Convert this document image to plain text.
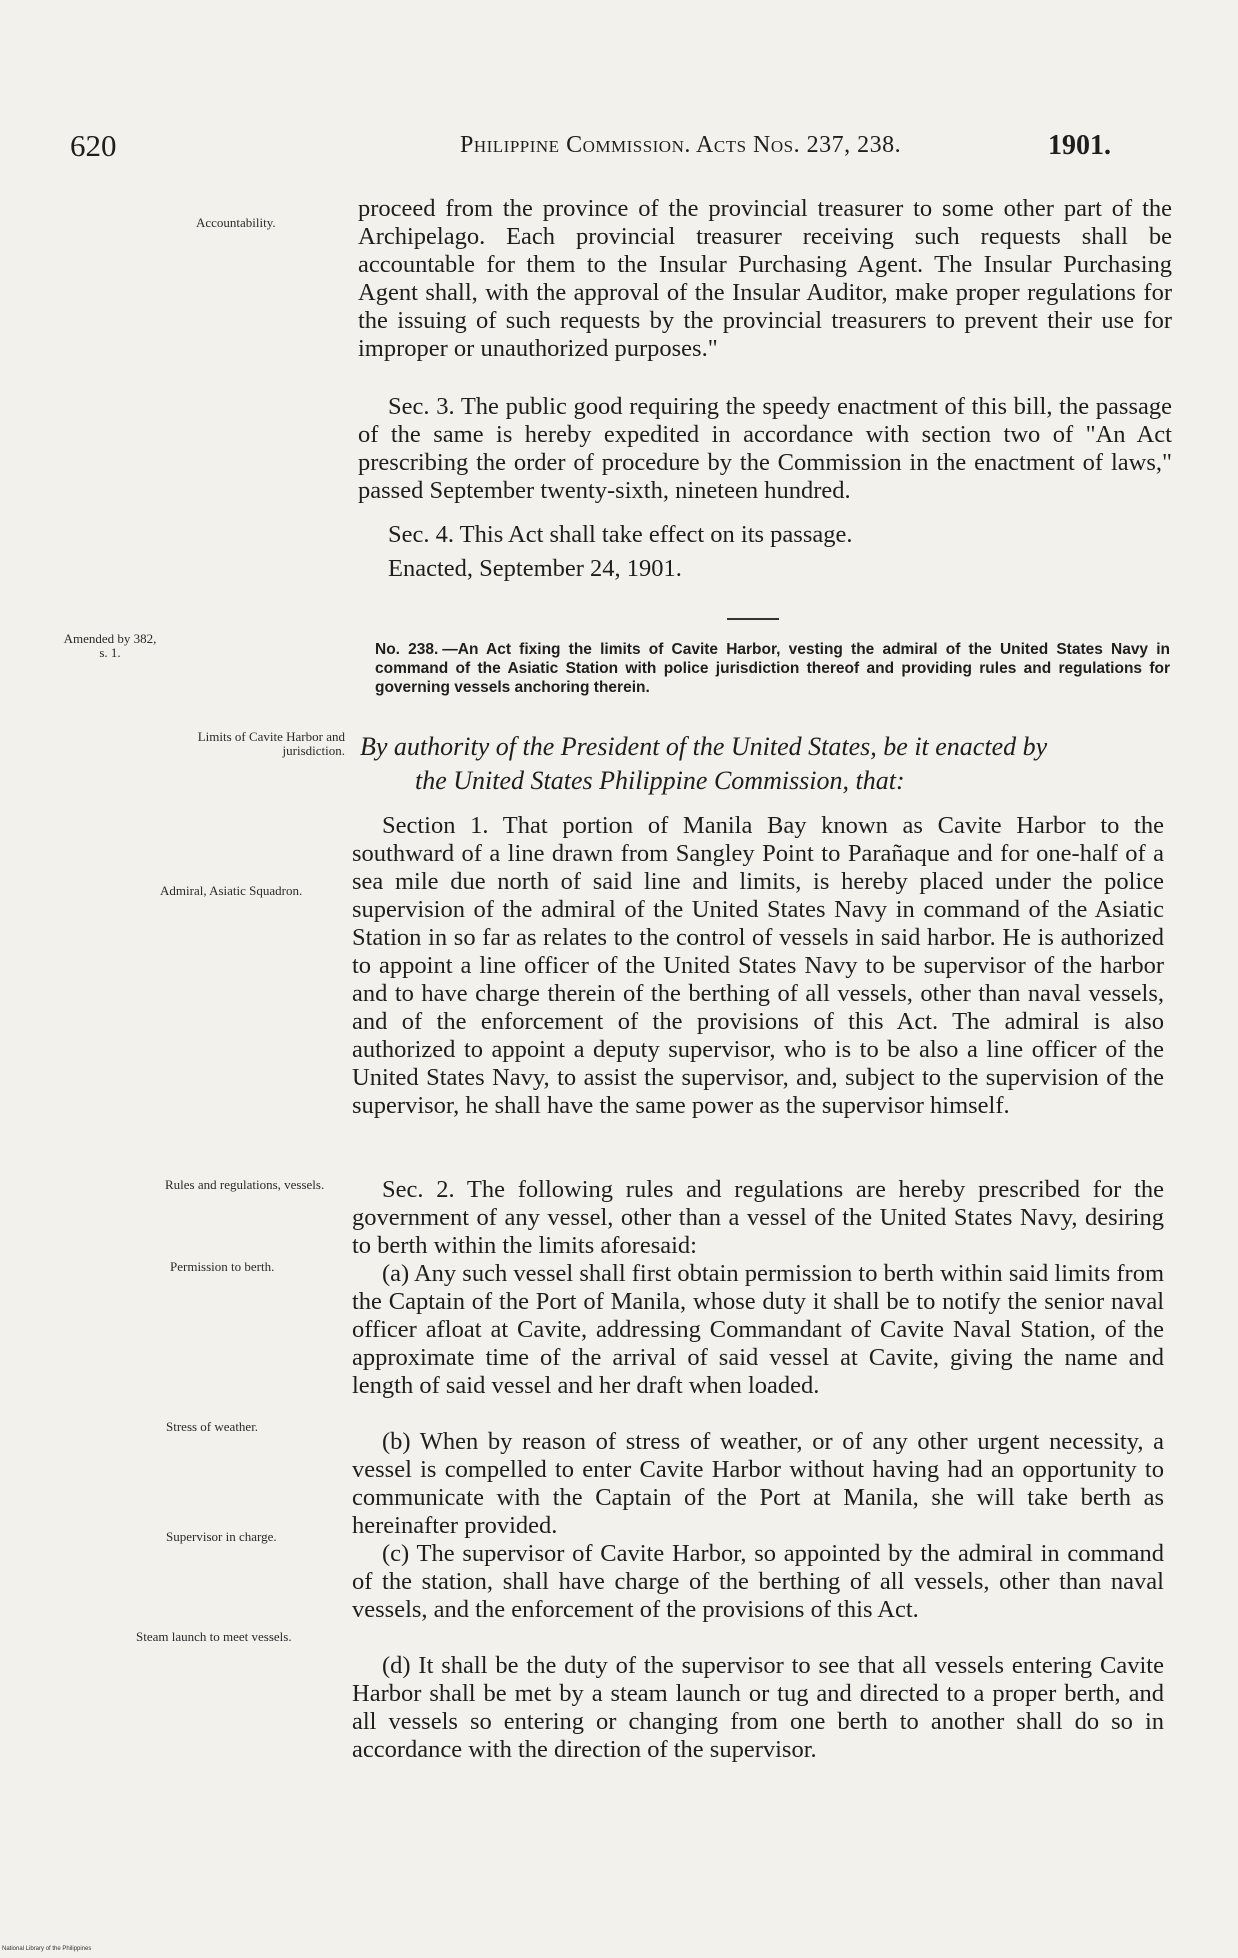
620	Philippine Commission. Acts Nos. 237, 238.	1901.
Accountability.
Amended by 382, s. 1.
Limits of Cavite Harbor and jurisdiction.
Admiral, Asiatic Squadron.
Rules and regulations, vessels.
Permission to berth.
Stress of weather.
Supervisor in charge.
Steam launch to meet vessels.

proceed from the province of the provincial treasurer to some other part of the Archipelago. Each provincial treasurer receiving such requests shall be accountable for them to the Insular Purchasing Agent. The Insular Purchasing Agent shall, with the approval of the Insular Auditor, make proper regulations for the issuing of such requests by the provincial treasurers to prevent their use for improper or unauthorized purposes."

Sec. 3. The public good requiring the speedy enactment of this bill, the passage of the same is hereby expedited in accordance with section two of "An Act prescribing the order of procedure by the Commission in the enactment of laws," passed September twenty-sixth, nineteen hundred.

Sec. 4. This Act shall take effect on its passage.

Enacted, September 24, 1901.

No. 238. —An Act fixing the limits of Cavite Harbor, vesting the admiral of the United States Navy in command of the Asiatic Station with police jurisdiction thereof and providing rules and regulations for governing vessels anchoring therein.
By authority of the President of the United States, be it enacted by
the United States Philippine Commission, that:

Section 1. That portion of Manila Bay known as Cavite Harbor to the southward of a line drawn from Sangley Point to Parañaque and for one-half of a sea mile due north of said line and limits, is hereby placed under the police supervision of the admiral of the United States Navy in command of the Asiatic Station in so far as relates to the control of vessels in said harbor. He is authorized to appoint a line officer of the United States Navy to be supervisor of the harbor and to have charge therein of the berthing of all vessels, other than naval vessels, and of the enforcement of the provisions of this Act. The admiral is also authorized to appoint a deputy supervisor, who is to be also a line officer of the United States Navy, to assist the supervisor, and, subject to the supervision of the supervisor, he shall have the same power as the supervisor himself.

Sec. 2. The following rules and regulations are hereby prescribed for the government of any vessel, other than a vessel of the United States Navy, desiring to berth within the limits aforesaid:

(a) Any such vessel shall first obtain permission to berth within said limits from the Captain of the Port of Manila, whose duty it shall be to notify the senior naval officer afloat at Cavite, addressing Commandant of Cavite Naval Station, of the approximate time of the arrival of said vessel at Cavite, giving the name and length of said vessel and her draft when loaded.

(b) When by reason of stress of weather, or of any other urgent necessity, a vessel is compelled to enter Cavite Harbor without having had an opportunity to communicate with the Captain of the Port at Manila, she will take berth as hereinafter provided.

(c) The supervisor of Cavite Harbor, so appointed by the admiral in command of the station, shall have charge of the berthing of all vessels, other than naval vessels, and the enforcement of the provisions of this Act.

(d) It shall be the duty of the supervisor to see that all vessels entering Cavite Harbor shall be met by a steam launch or tug and directed to a proper berth, and all vessels so entering or changing from one berth to another shall do so in accordance with the direction of the supervisor.

National Library of the Philippines
